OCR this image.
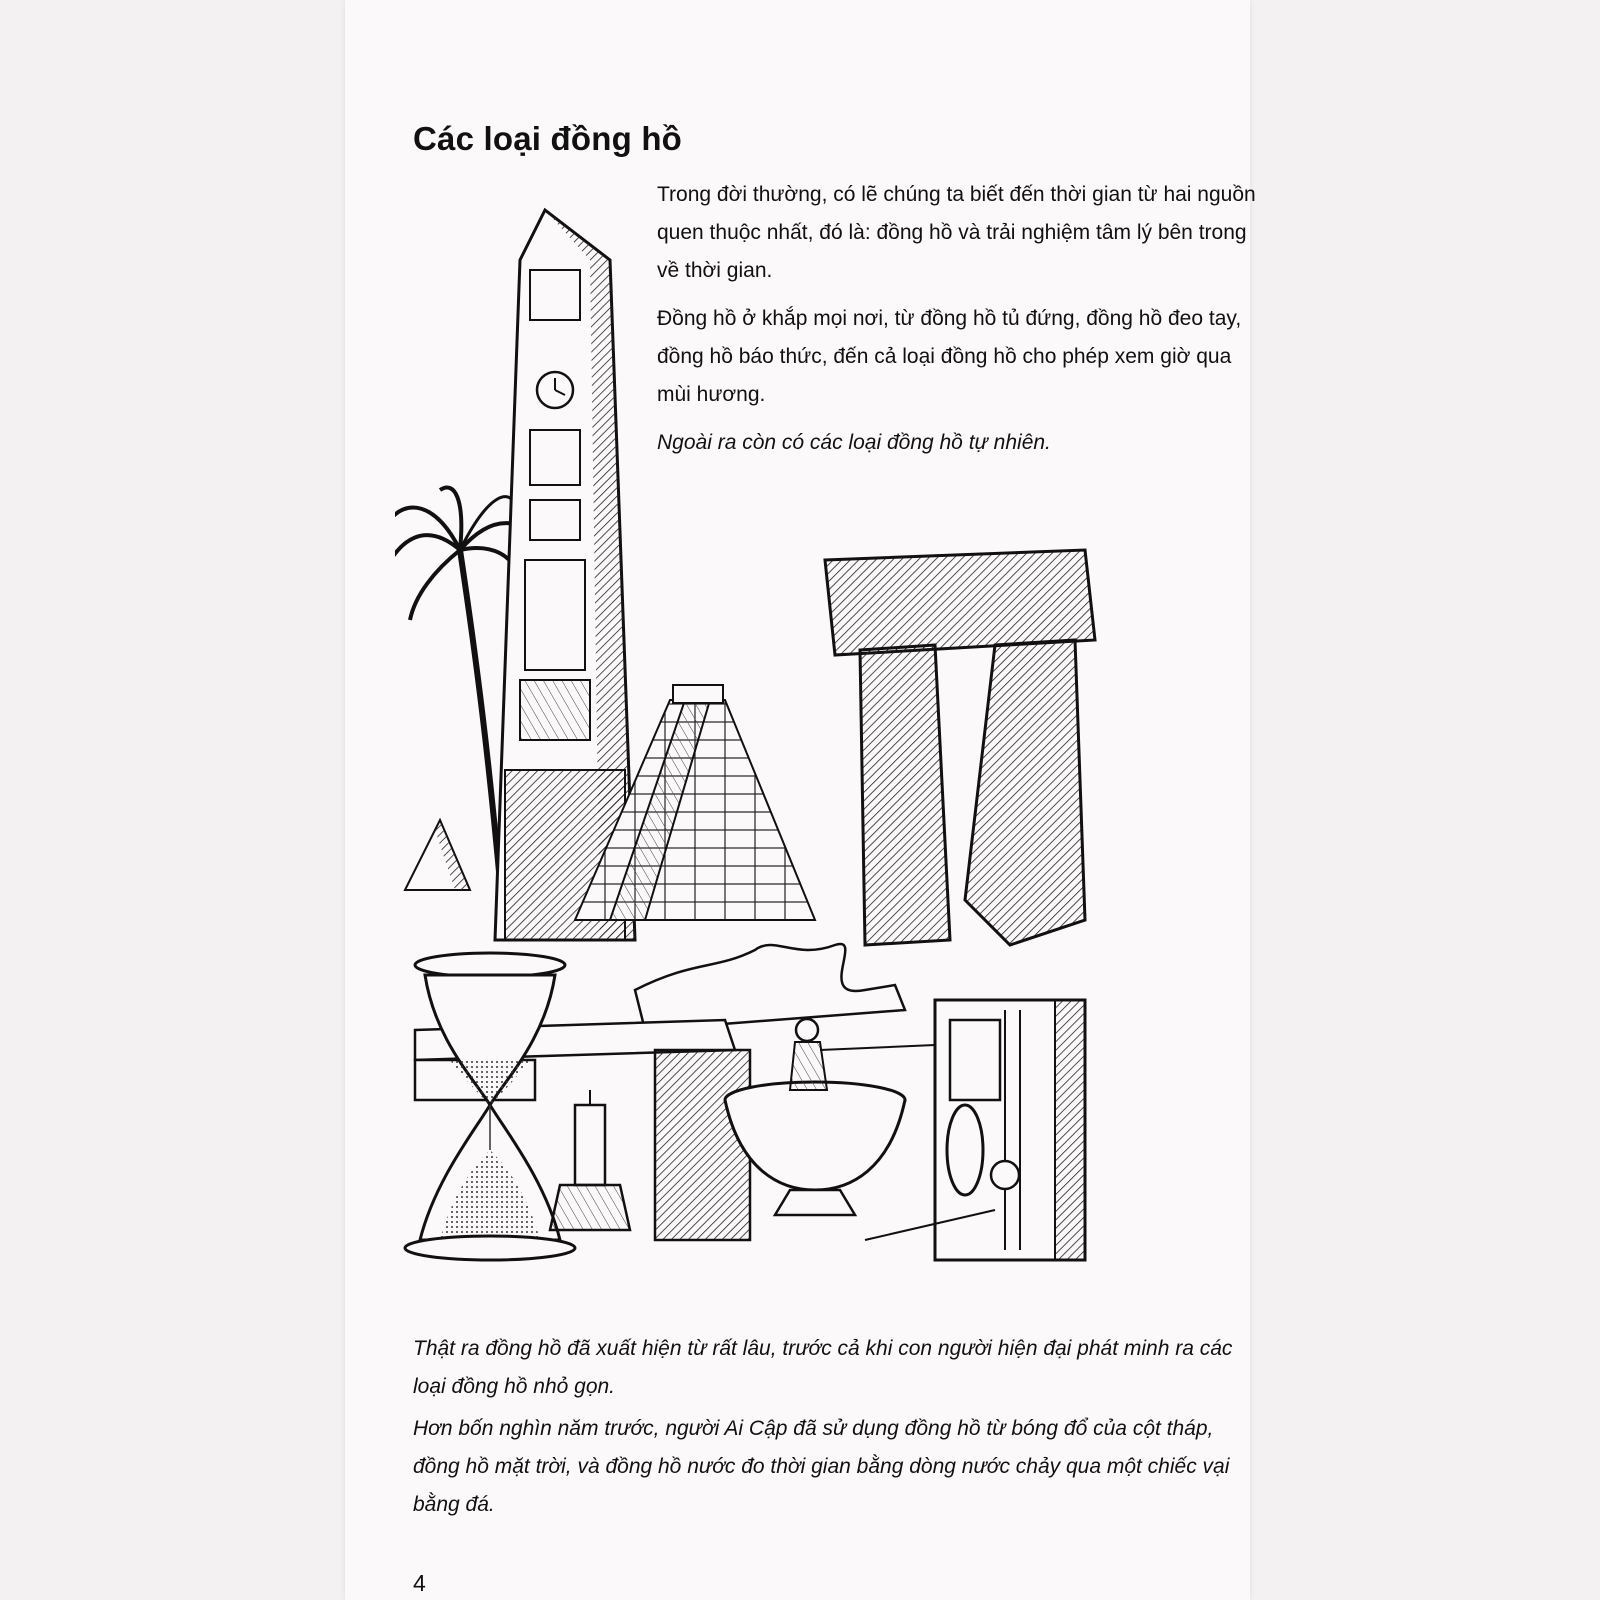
Các loại đồng hồ

Trong đời thường, có lẽ chúng ta biết đến thời gian từ hai nguồn quen thuộc nhất, đó là: đồng hồ và trải nghiệm tâm lý bên trong về thời gian.

Đồng hồ ở khắp mọi nơi, từ đồng hồ tủ đứng, đồng hồ đeo tay, đồng hồ báo thức, đến cả loại đồng hồ cho phép xem giờ qua mùi hương.

Ngoài ra còn có các loại đồng hồ tự nhiên.

Thật ra đồng hồ đã xuất hiện từ rất lâu, trước cả khi con người hiện đại phát minh ra các loại đồng hồ nhỏ gọn.

Hơn bốn nghìn năm trước, người Ai Cập đã sử dụng đồng hồ từ bóng đổ của cột tháp, đồng hồ mặt trời, và đồng hồ nước đo thời gian bằng dòng nước chảy qua một chiếc vại bằng đá.

4
